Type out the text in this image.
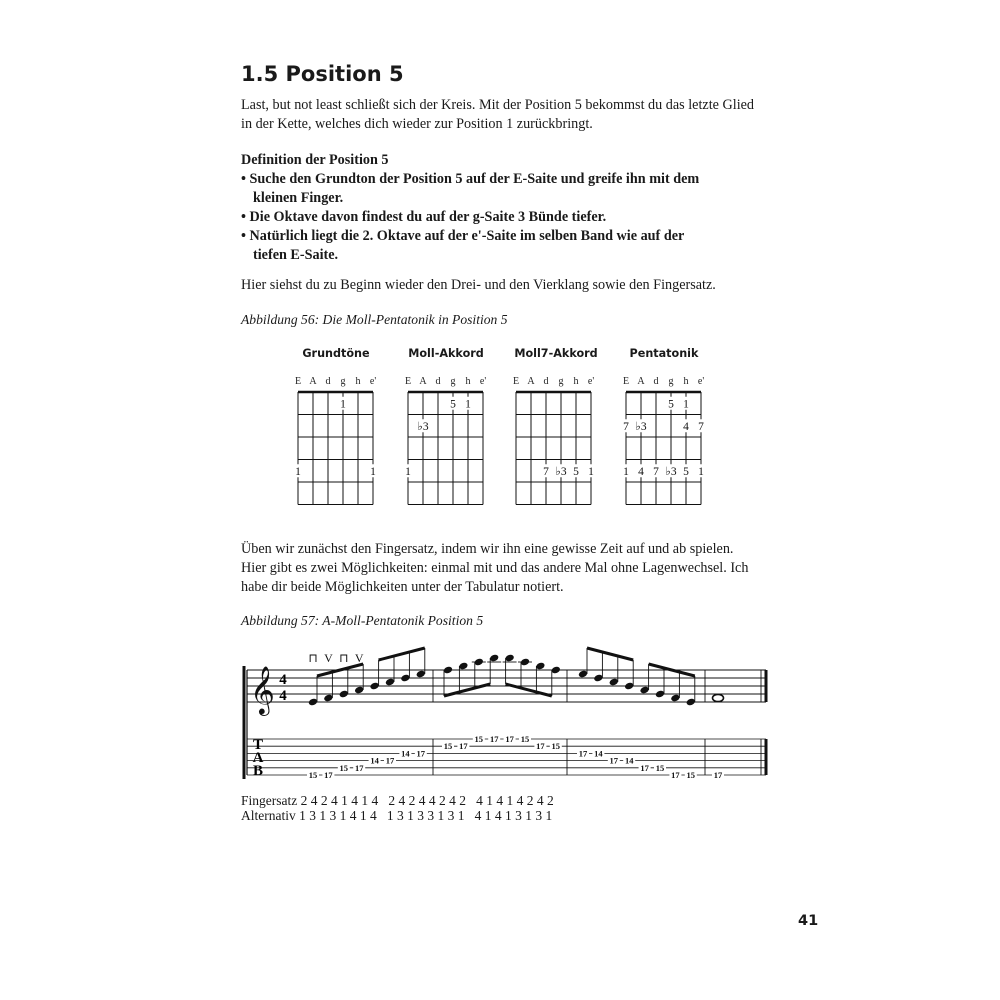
1.5 Position 5

Last, but not least schließt sich der Kreis. Mit der Position 5 bekommst du das letzte Glied
in der Kette, welches dich wieder zur Position 1 zurückbringt.

Definition der Position 5
• Suche den Grundton der Position 5 auf der E-Saite und greife ihn mit dem
kleinen Finger.
• Die Oktave davon findest du auf der g-Saite 3 Bünde tiefer.
• Natürlich liegt die 2. Oktave auf der e'-Saite im selben Band wie auf der
tiefen E-Saite.

Hier siehst du zu Beginn wieder den Drei- und den Vierklang sowie den Fingersatz.

Abbildung 56: Die Moll-Pentatonik in Position 5

Grundtöne	Moll-Akkord	Moll7-Akkord	Pentatonik
E A d g h e'
1
1	1
E A d g h e'
5 1
♭3
1
E A d g h e'
7 ♭3 5 1
E A d g h e'
5 1
7 ♭3	4 7
1 4 7 ♭3 5 1

Üben wir zunächst den Fingersatz, indem wir ihn eine gewisse Zeit auf und ab spielen.
Hier gibt es zwei Möglichkeiten: einmal mit und das andere Mal ohne Lagenwechsel. Ich
habe dir beide Möglichkeiten unter der Tabulatur notiert.

Abbildung 57: A-Moll-Pentatonik Position 5

𝄞 4
4
T
A
B
⊓ V ⊓ V
15 17
15 17
14 17
14 17
15 17
15 17 17 15
17 15
17 14
17 14
17 15
17 15 17
Fingersatz 2 4 2 4 1 4 1 4   2 4 2 4 4 2 4 2   4 1 4 1 4 2 4 2
Alternativ 1 3 1 3 1 4 1 4   1 3 1 3 3 1 3 1   4 1 4 1 3 1 3 1
41
